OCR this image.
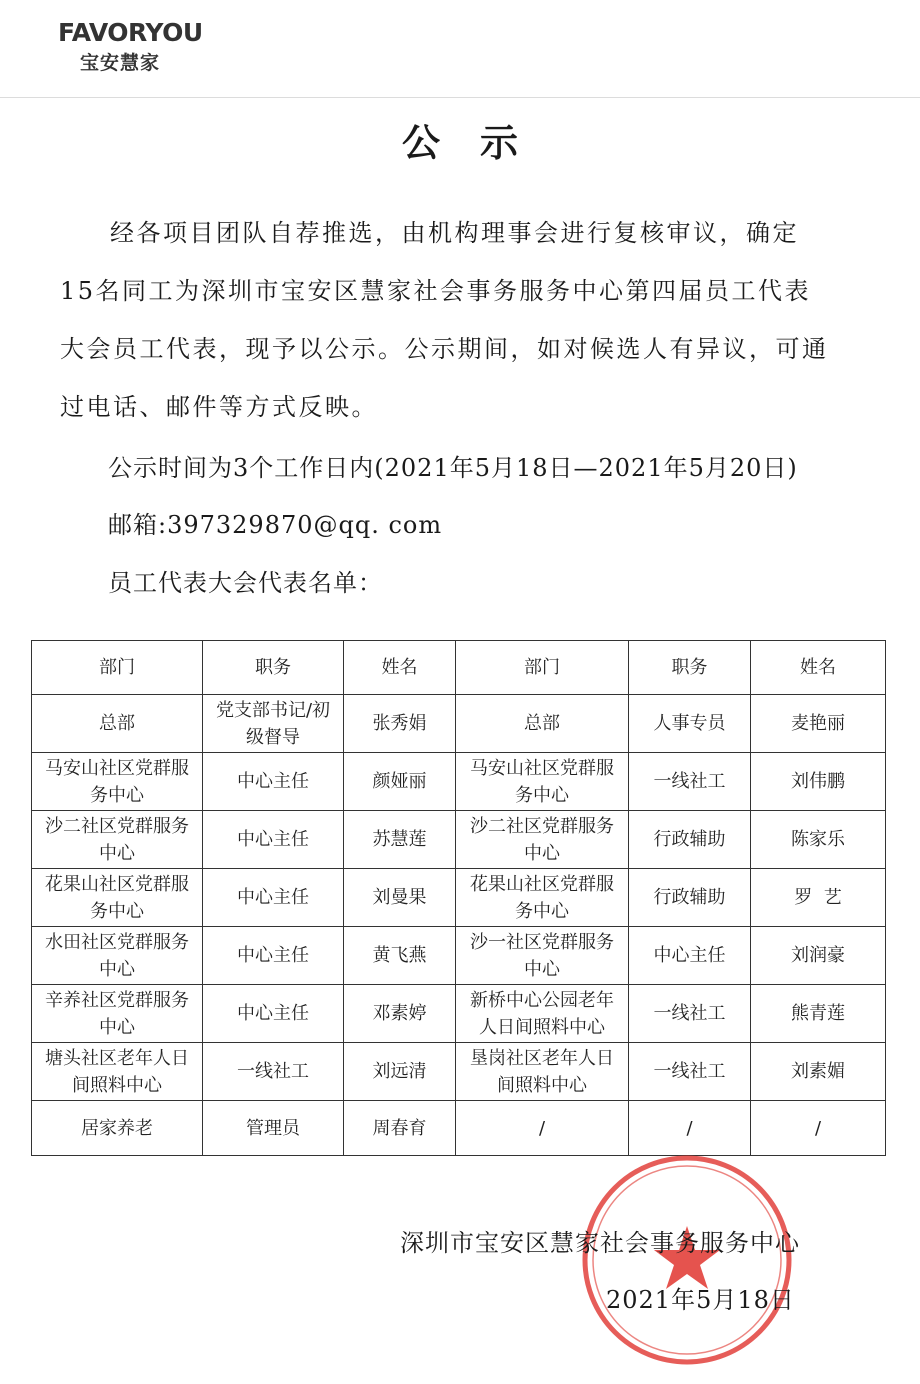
FAVORYOU
宝安慧家
公示
经各项目团队自荐推选，由机构理事会进行复核审议，确定15名同工为深圳市宝安区慧家社会事务服务中心第四届员工代表大会员工代表，现予以公示。公示期间，如对候选人有异议，可通过电话、邮件等方式反映。
公示时间为3个工作日内(2021年5月18日—2021年5月20日)
邮箱:397329870@qq. com
员工代表大会代表名单：
部门	职务	姓名	部门	职务	姓名
总部	党支部书记/初级督导	张秀娟	总部	人事专员	麦艳丽
马安山社区党群服务中心	中心主任	颜娅丽	马安山社区党群服务中心	一线社工	刘伟鹏
沙二社区党群服务中心	中心主任	苏慧莲	沙二社区党群服务中心	行政辅助	陈家乐
花果山社区党群服务中心	中心主任	刘曼果	花果山社区党群服务中心	行政辅助	罗  艺
水田社区党群服务中心	中心主任	黄飞燕	沙一社区党群服务中心	中心主任	刘润豪
辛养社区党群服务中心	中心主任	邓素婷	新桥中心公园老年人日间照料中心	一线社工	熊青莲
塘头社区老年人日间照料中心	一线社工	刘远清	垦岗社区老年人日间照料中心	一线社工	刘素媚
居家养老	管理员	周春育	/	/	/
深圳市宝安区慧家社会事务服务中心
2021年5月18日
